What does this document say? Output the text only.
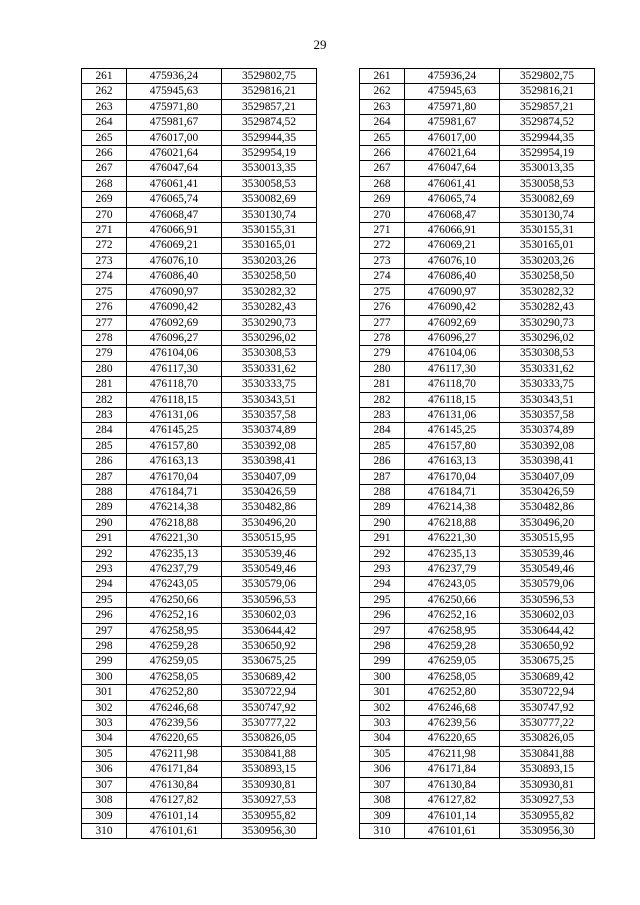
29
261	475936,24	3529802,75		261	475936,24	3529802,75
262	475945,63	3529816,21		262	475945,63	3529816,21
263	475971,80	3529857,21		263	475971,80	3529857,21
264	475981,67	3529874,52		264	475981,67	3529874,52
265	476017,00	3529944,35		265	476017,00	3529944,35
266	476021,64	3529954,19		266	476021,64	3529954,19
267	476047,64	3530013,35		267	476047,64	3530013,35
268	476061,41	3530058,53		268	476061,41	3530058,53
269	476065,74	3530082,69		269	476065,74	3530082,69
270	476068,47	3530130,74		270	476068,47	3530130,74
271	476066,91	3530155,31		271	476066,91	3530155,31
272	476069,21	3530165,01		272	476069,21	3530165,01
273	476076,10	3530203,26		273	476076,10	3530203,26
274	476086,40	3530258,50		274	476086,40	3530258,50
275	476090,97	3530282,32		275	476090,97	3530282,32
276	476090,42	3530282,43		276	476090,42	3530282,43
277	476092,69	3530290,73		277	476092,69	3530290,73
278	476096,27	3530296,02		278	476096,27	3530296,02
279	476104,06	3530308,53		279	476104,06	3530308,53
280	476117,30	3530331,62		280	476117,30	3530331,62
281	476118,70	3530333,75		281	476118,70	3530333,75
282	476118,15	3530343,51		282	476118,15	3530343,51
283	476131,06	3530357,58		283	476131,06	3530357,58
284	476145,25	3530374,89		284	476145,25	3530374,89
285	476157,80	3530392,08		285	476157,80	3530392,08
286	476163,13	3530398,41		286	476163,13	3530398,41
287	476170,04	3530407,09		287	476170,04	3530407,09
288	476184,71	3530426,59		288	476184,71	3530426,59
289	476214,38	3530482,86		289	476214,38	3530482,86
290	476218,88	3530496,20		290	476218,88	3530496,20
291	476221,30	3530515,95		291	476221,30	3530515,95
292	476235,13	3530539,46		292	476235,13	3530539,46
293	476237,79	3530549,46		293	476237,79	3530549,46
294	476243,05	3530579,06		294	476243,05	3530579,06
295	476250,66	3530596,53		295	476250,66	3530596,53
296	476252,16	3530602,03		296	476252,16	3530602,03
297	476258,95	3530644,42		297	476258,95	3530644,42
298	476259,28	3530650,92		298	476259,28	3530650,92
299	476259,05	3530675,25		299	476259,05	3530675,25
300	476258,05	3530689,42		300	476258,05	3530689,42
301	476252,80	3530722,94		301	476252,80	3530722,94
302	476246,68	3530747,92		302	476246,68	3530747,92
303	476239,56	3530777,22		303	476239,56	3530777,22
304	476220,65	3530826,05		304	476220,65	3530826,05
305	476211,98	3530841,88		305	476211,98	3530841,88
306	476171,84	3530893,15		306	476171,84	3530893,15
307	476130,84	3530930,81		307	476130,84	3530930,81
308	476127,82	3530927,53		308	476127,82	3530927,53
309	476101,14	3530955,82		309	476101,14	3530955,82
310	476101,61	3530956,30		310	476101,61	3530956,30
